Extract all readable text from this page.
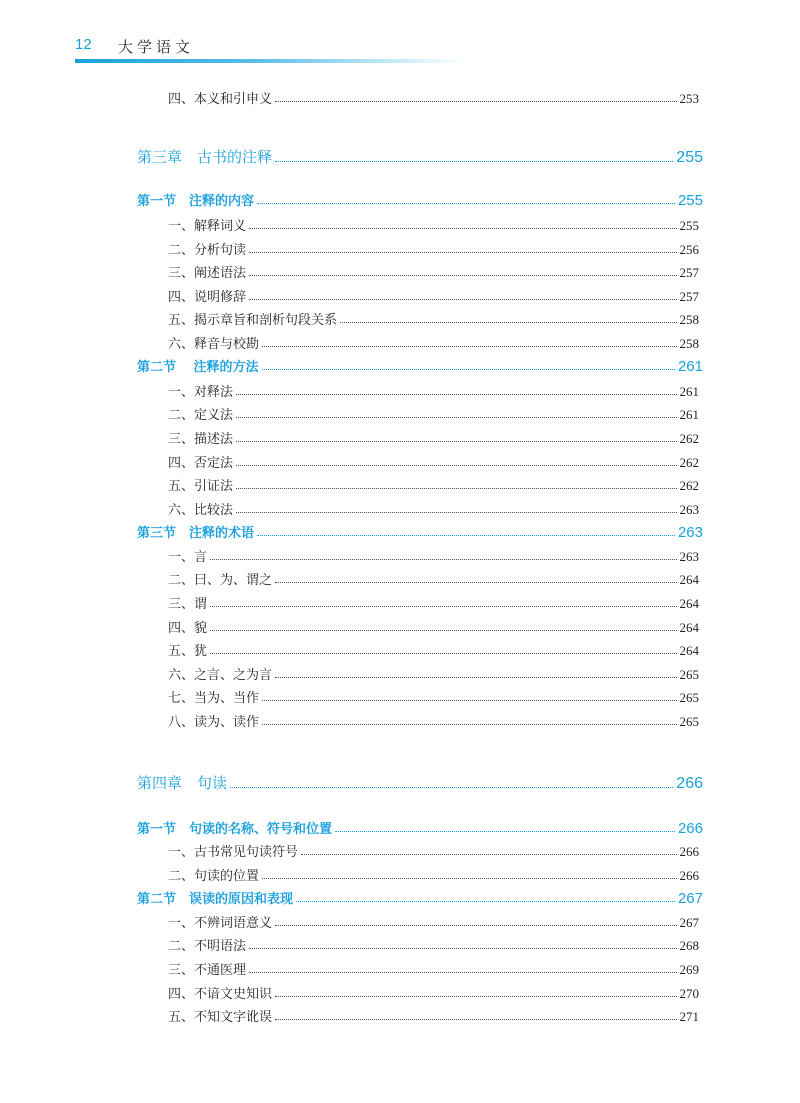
12 大学语文
四、本义和引申义	253
第三章　古书的注释	255
第一节　注释的内容	255
一、解释词义	255
二、分析句读	256
三、阐述语法	257
四、说明修辞	257
五、揭示章旨和剖析句段关系	258
六、释音与校勘	258
第二节　 注释的方法	261
一、对释法	261
二、定义法	261
三、描述法	262
四、否定法	262
五、引证法	262
六、比较法	263
第三节　注释的术语	263
一、言	263
二、曰、为、谓之	264
三、谓	264
四、貌	264
五、犹	264
六、之言、之为言	265
七、当为、当作	265
八、读为、读作	265
第四章　句读	266
第一节　句读的名称、符号和位置	266
一、古书常见句读符号	266
二、句读的位置	266
第二节　误读的原因和表现	267
一、不辨词语意义	267
二、不明语法	268
三、不通医理	269
四、不谙文史知识	270
五、不知文字讹误	271
